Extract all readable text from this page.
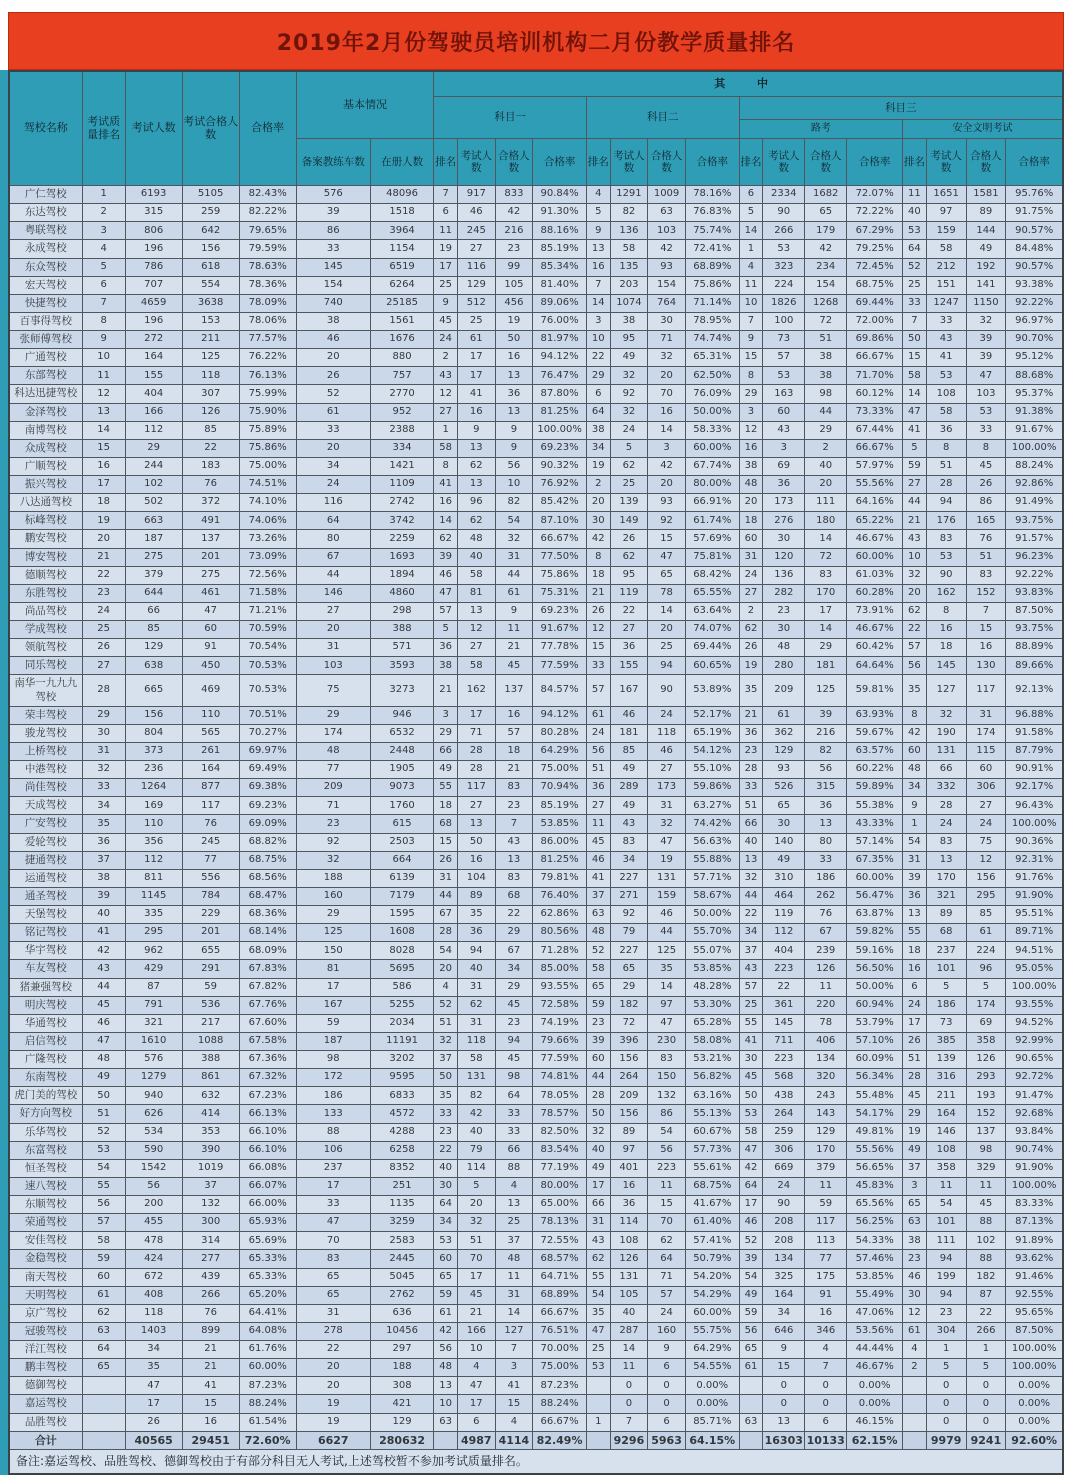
2019年2月份驾驶员培训机构二月份教学质量排名
驾校名称	考试质量排名	考试人数	考试合格人数	合格率	基本情况		其 中															
							科目一				科目二				科目三							
															路考				安全文明考试			
					备案教练车数	在册人数	排名	考试人数	合格人数	合格率	排名	考试人数	合格人数	合格率	排名	考试人数	合格人数	合格率	排名	考试人数	合格人数	合格率
广仁驾校	1	6193	5105	82.43%	576	48096	7	917	833	90.84%	4	1291	1009	78.16%	6	2334	1682	72.07%	11	1651	1581	95.76%
东达驾校	2	315	259	82.22%	39	1518	6	46	42	91.30%	5	82	63	76.83%	5	90	65	72.22%	40	97	89	91.75%
粤联驾校	3	806	642	79.65%	86	3964	11	245	216	88.16%	9	136	103	75.74%	14	266	179	67.29%	53	159	144	90.57%
永成驾校	4	196	156	79.59%	33	1154	19	27	23	85.19%	13	58	42	72.41%	1	53	42	79.25%	64	58	49	84.48%
东众驾校	5	786	618	78.63%	145	6519	17	116	99	85.34%	16	135	93	68.89%	4	323	234	72.45%	52	212	192	90.57%
宏天驾校	6	707	554	78.36%	154	6264	25	129	105	81.40%	7	203	154	75.86%	11	224	154	68.75%	25	151	141	93.38%
快捷驾校	7	4659	3638	78.09%	740	25185	9	512	456	89.06%	14	1074	764	71.14%	10	1826	1268	69.44%	33	1247	1150	92.22%
百事得驾校	8	196	153	78.06%	38	1561	45	25	19	76.00%	3	38	30	78.95%	7	100	72	72.00%	7	33	32	96.97%
张师傅驾校	9	272	211	77.57%	46	1676	24	61	50	81.97%	10	95	71	74.74%	9	73	51	69.86%	50	43	39	90.70%
广通驾校	10	164	125	76.22%	20	880	2	17	16	94.12%	22	49	32	65.31%	15	57	38	66.67%	15	41	39	95.12%
东部驾校	11	155	118	76.13%	26	757	43	17	13	76.47%	29	32	20	62.50%	8	53	38	71.70%	58	53	47	88.68%
科达迅捷驾校	12	404	307	75.99%	52	2770	12	41	36	87.80%	6	92	70	76.09%	29	163	98	60.12%	14	108	103	95.37%
金泽驾校	13	166	126	75.90%	61	952	27	16	13	81.25%	64	32	16	50.00%	3	60	44	73.33%	47	58	53	91.38%
南博驾校	14	112	85	75.89%	33	2388	1	9	9	100.00%	38	24	14	58.33%	12	43	29	67.44%	41	36	33	91.67%
众成驾校	15	29	22	75.86%	20	334	58	13	9	69.23%	34	5	3	60.00%	16	3	2	66.67%	5	8	8	100.00%
广顺驾校	16	244	183	75.00%	34	1421	8	62	56	90.32%	19	62	42	67.74%	38	69	40	57.97%	59	51	45	88.24%
振兴驾校	17	102	76	74.51%	24	1109	41	13	10	76.92%	2	25	20	80.00%	48	36	20	55.56%	27	28	26	92.86%
八达通驾校	18	502	372	74.10%	116	2742	16	96	82	85.42%	20	139	93	66.91%	20	173	111	64.16%	44	94	86	91.49%
标峰驾校	19	663	491	74.06%	64	3742	14	62	54	87.10%	30	149	92	61.74%	18	276	180	65.22%	21	176	165	93.75%
鹏安驾校	20	187	137	73.26%	80	2259	62	48	32	66.67%	42	26	15	57.69%	60	30	14	46.67%	43	83	76	91.57%
博安驾校	21	275	201	73.09%	67	1693	39	40	31	77.50%	8	62	47	75.81%	31	120	72	60.00%	10	53	51	96.23%
德顺驾校	22	379	275	72.56%	44	1894	46	58	44	75.86%	18	95	65	68.42%	24	136	83	61.03%	32	90	83	92.22%
东胜驾校	23	644	461	71.58%	146	4860	47	81	61	75.31%	21	119	78	65.55%	27	282	170	60.28%	20	162	152	93.83%
尚品驾校	24	66	47	71.21%	27	298	57	13	9	69.23%	26	22	14	63.64%	2	23	17	73.91%	62	8	7	87.50%
学成驾校	25	85	60	70.59%	20	388	5	12	11	91.67%	12	27	20	74.07%	62	30	14	46.67%	22	16	15	93.75%
领航驾校	26	129	91	70.54%	31	571	36	27	21	77.78%	15	36	25	69.44%	26	48	29	60.42%	57	18	16	88.89%
同乐驾校	27	638	450	70.53%	103	3593	38	58	45	77.59%	33	155	94	60.65%	19	280	181	64.64%	56	145	130	89.66%
南华一九九九驾校	28	665	469	70.53%	75	3273	21	162	137	84.57%	57	167	90	53.89%	35	209	125	59.81%	35	127	117	92.13%
荣丰驾校	29	156	110	70.51%	29	946	3	17	16	94.12%	61	46	24	52.17%	21	61	39	63.93%	8	32	31	96.88%
骏龙驾校	30	804	565	70.27%	174	6532	29	71	57	80.28%	24	181	118	65.19%	36	362	216	59.67%	42	190	174	91.58%
上桥驾校	31	373	261	69.97%	48	2448	66	28	18	64.29%	56	85	46	54.12%	23	129	82	63.57%	60	131	115	87.79%
中港驾校	32	236	164	69.49%	77	1905	49	28	21	75.00%	51	49	27	55.10%	28	93	56	60.22%	48	66	60	90.91%
尚佳驾校	33	1264	877	69.38%	209	9073	55	117	83	70.94%	36	289	173	59.86%	33	526	315	59.89%	34	332	306	92.17%
天成驾校	34	169	117	69.23%	71	1760	18	27	23	85.19%	27	49	31	63.27%	51	65	36	55.38%	9	28	27	96.43%
广安驾校	35	110	76	69.09%	23	615	68	13	7	53.85%	11	43	32	74.42%	66	30	13	43.33%	1	24	24	100.00%
爱轮驾校	36	356	245	68.82%	92	2503	15	50	43	86.00%	45	83	47	56.63%	40	140	80	57.14%	54	83	75	90.36%
捷通驾校	37	112	77	68.75%	32	664	26	16	13	81.25%	46	34	19	55.88%	13	49	33	67.35%	31	13	12	92.31%
运通驾校	38	811	556	68.56%	188	6139	31	104	83	79.81%	41	227	131	57.71%	32	310	186	60.00%	39	170	156	91.76%
通圣驾校	39	1145	784	68.47%	160	7179	44	89	68	76.40%	37	271	159	58.67%	44	464	262	56.47%	36	321	295	91.90%
天堡驾校	40	335	229	68.36%	29	1595	67	35	22	62.86%	63	92	46	50.00%	22	119	76	63.87%	13	89	85	95.51%
铭记驾校	41	295	201	68.14%	125	1608	28	36	29	80.56%	48	79	44	55.70%	34	112	67	59.82%	55	68	61	89.71%
华宇驾校	42	962	655	68.09%	150	8028	54	94	67	71.28%	52	227	125	55.07%	37	404	239	59.16%	18	237	224	94.51%
车友驾校	43	429	291	67.83%	81	5695	20	40	34	85.00%	58	65	35	53.85%	43	223	126	56.50%	16	101	96	95.05%
猪兼强驾校	44	87	59	67.82%	17	586	4	31	29	93.55%	65	29	14	48.28%	57	22	11	50.00%	6	5	5	100.00%
明庆驾校	45	791	536	67.76%	167	5255	52	62	45	72.58%	59	182	97	53.30%	25	361	220	60.94%	24	186	174	93.55%
华通驾校	46	321	217	67.60%	59	2034	51	31	23	74.19%	23	72	47	65.28%	55	145	78	53.79%	17	73	69	94.52%
启信驾校	47	1610	1088	67.58%	187	11191	32	118	94	79.66%	39	396	230	58.08%	41	711	406	57.10%	26	385	358	92.99%
广隆驾校	48	576	388	67.36%	98	3202	37	58	45	77.59%	60	156	83	53.21%	30	223	134	60.09%	51	139	126	90.65%
东南驾校	49	1279	861	67.32%	172	9595	50	131	98	74.81%	44	264	150	56.82%	45	568	320	56.34%	28	316	293	92.72%
虎门美的驾校	50	940	632	67.23%	186	6833	35	82	64	78.05%	28	209	132	63.16%	50	438	243	55.48%	45	211	193	91.47%
好方向驾校	51	626	414	66.13%	133	4572	33	42	33	78.57%	50	156	86	55.13%	53	264	143	54.17%	29	164	152	92.68%
乐华驾校	52	534	353	66.10%	88	4288	23	40	33	82.50%	32	89	54	60.67%	58	259	129	49.81%	19	146	137	93.84%
东富驾校	53	590	390	66.10%	106	6258	22	79	66	83.54%	40	97	56	57.73%	47	306	170	55.56%	49	108	98	90.74%
恒圣驾校	54	1542	1019	66.08%	237	8352	40	114	88	77.19%	49	401	223	55.61%	42	669	379	56.65%	37	358	329	91.90%
速八驾校	55	56	37	66.07%	17	251	30	5	4	80.00%	17	16	11	68.75%	64	24	11	45.83%	3	11	11	100.00%
东顺驾校	56	200	132	66.00%	33	1135	64	20	13	65.00%	66	36	15	41.67%	17	90	59	65.56%	65	54	45	83.33%
荣通驾校	57	455	300	65.93%	47	3259	34	32	25	78.13%	31	114	70	61.40%	46	208	117	56.25%	63	101	88	87.13%
安佳驾校	58	478	314	65.69%	70	2583	53	51	37	72.55%	43	108	62	57.41%	52	208	113	54.33%	38	111	102	91.89%
金稳驾校	59	424	277	65.33%	83	2445	60	70	48	68.57%	62	126	64	50.79%	39	134	77	57.46%	23	94	88	93.62%
南天驾校	60	672	439	65.33%	65	5045	65	17	11	64.71%	55	131	71	54.20%	54	325	175	53.85%	46	199	182	91.46%
天明驾校	61	408	266	65.20%	65	2762	59	45	31	68.89%	54	105	57	54.29%	49	164	91	55.49%	30	94	87	92.55%
京广驾校	62	118	76	64.41%	31	636	61	21	14	66.67%	35	40	24	60.00%	59	34	16	47.06%	12	23	22	95.65%
冠骏驾校	63	1403	899	64.08%	278	10456	42	166	127	76.51%	47	287	160	55.75%	56	646	346	53.56%	61	304	266	87.50%
洋江驾校	64	34	21	61.76%	22	297	56	10	7	70.00%	25	14	9	64.29%	65	9	4	44.44%	4	1	1	100.00%
鹏丰驾校	65	35	21	60.00%	20	188	48	4	3	75.00%	53	11	6	54.55%	61	15	7	46.67%	2	5	5	100.00%
德御驾校		47	41	87.23%	20	308	13	47	41	87.23%		0	0	0.00%		0	0	0.00%		0	0	0.00%
嘉运驾校		17	15	88.24%	19	421	10	17	15	88.24%		0	0	0.00%		0	0	0.00%		0	0	0.00%
品胜驾校		26	16	61.54%	19	129	63	6	4	66.67%	1	7	6	85.71%	63	13	6	46.15%		0	0	0.00%
合计		40565	29451	72.60%	6627	280632		4987	4114	82.49%		9296	5963	64.15%		16303	10133	62.15%		9979	9241	92.60%
备注:嘉运驾校、品胜驾校、德御驾校由于有部分科目无人考试,上述驾校暂不参加考试质量排名。																						
